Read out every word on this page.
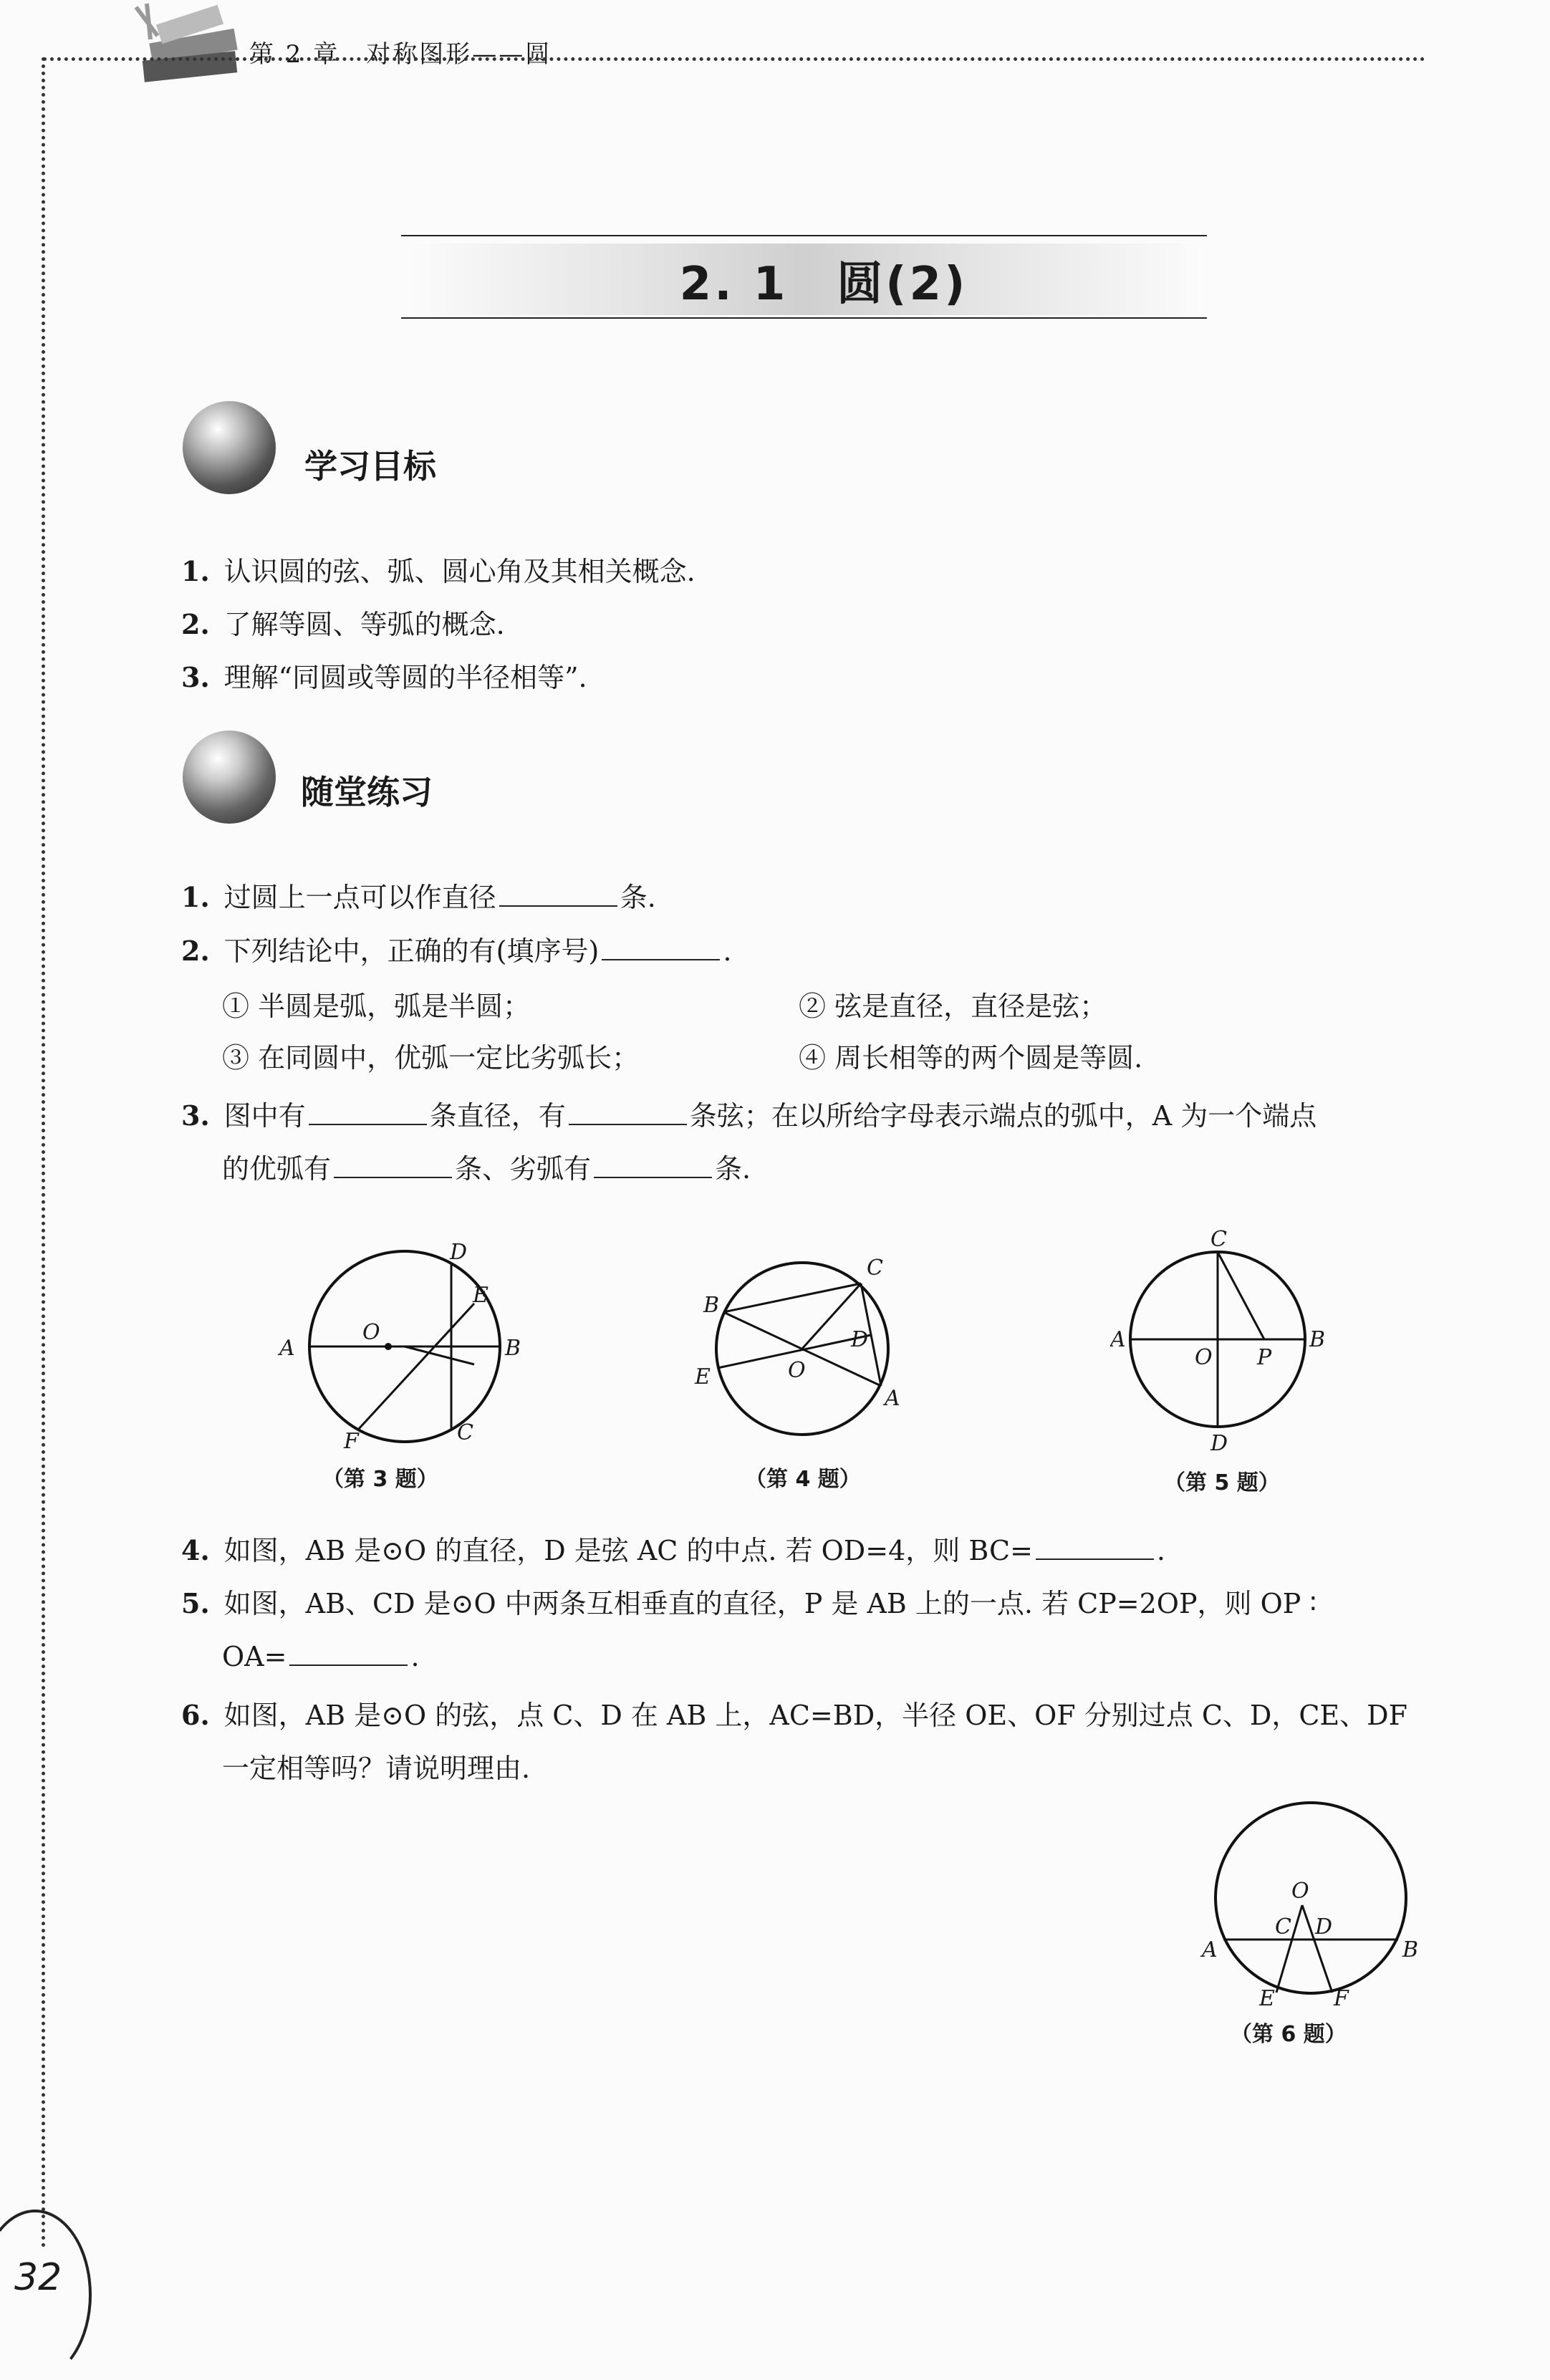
第 2 章　对称图形——圆
2. 1　圆(2)
学习目标
1. 认识圆的弦、弧、圆心角及其相关概念.
2. 了解等圆、等弧的概念.
3. 理解“同圆或等圆的半径相等”.
随堂练习
1. 过圆上一点可以作直径	条.
2. 下列结论中，正确的有(填序号)	.
① 半圆是弧，弧是半圆；	② 弦是直径，直径是弦；
③ 在同圆中，优弧一定比劣弧长；	④ 周长相等的两个圆是等圆.
3. 图中有	条直径，有	条弦；在以所给字母表示端点的弧中，A 为一个端点
的优弧有	条、劣弧有	条.
A	B
C
D
E
F
O
（第 3 题）
B
C
D
E
A
O
（第 4 题）
A	B
C
D
O P
（第 5 题）
4. 如图，AB 是⊙O 的直径，D 是弦 AC 的中点. 若 OD=4，则 BC=	.
5. 如图，AB、CD 是⊙O 中两条互相垂直的直径，P 是 AB 上的一点. 若 CP=2OP，则 OP ∶
OA=	.
6. 如图，AB 是⊙O 的弦，点 C、D 在 AB 上，AC=BD，半径 OE、OF 分别过点 C、D，CE、DF
一定相等吗？请说明理由.
O
A	B
C D
E	F
（第 6 题）
32
